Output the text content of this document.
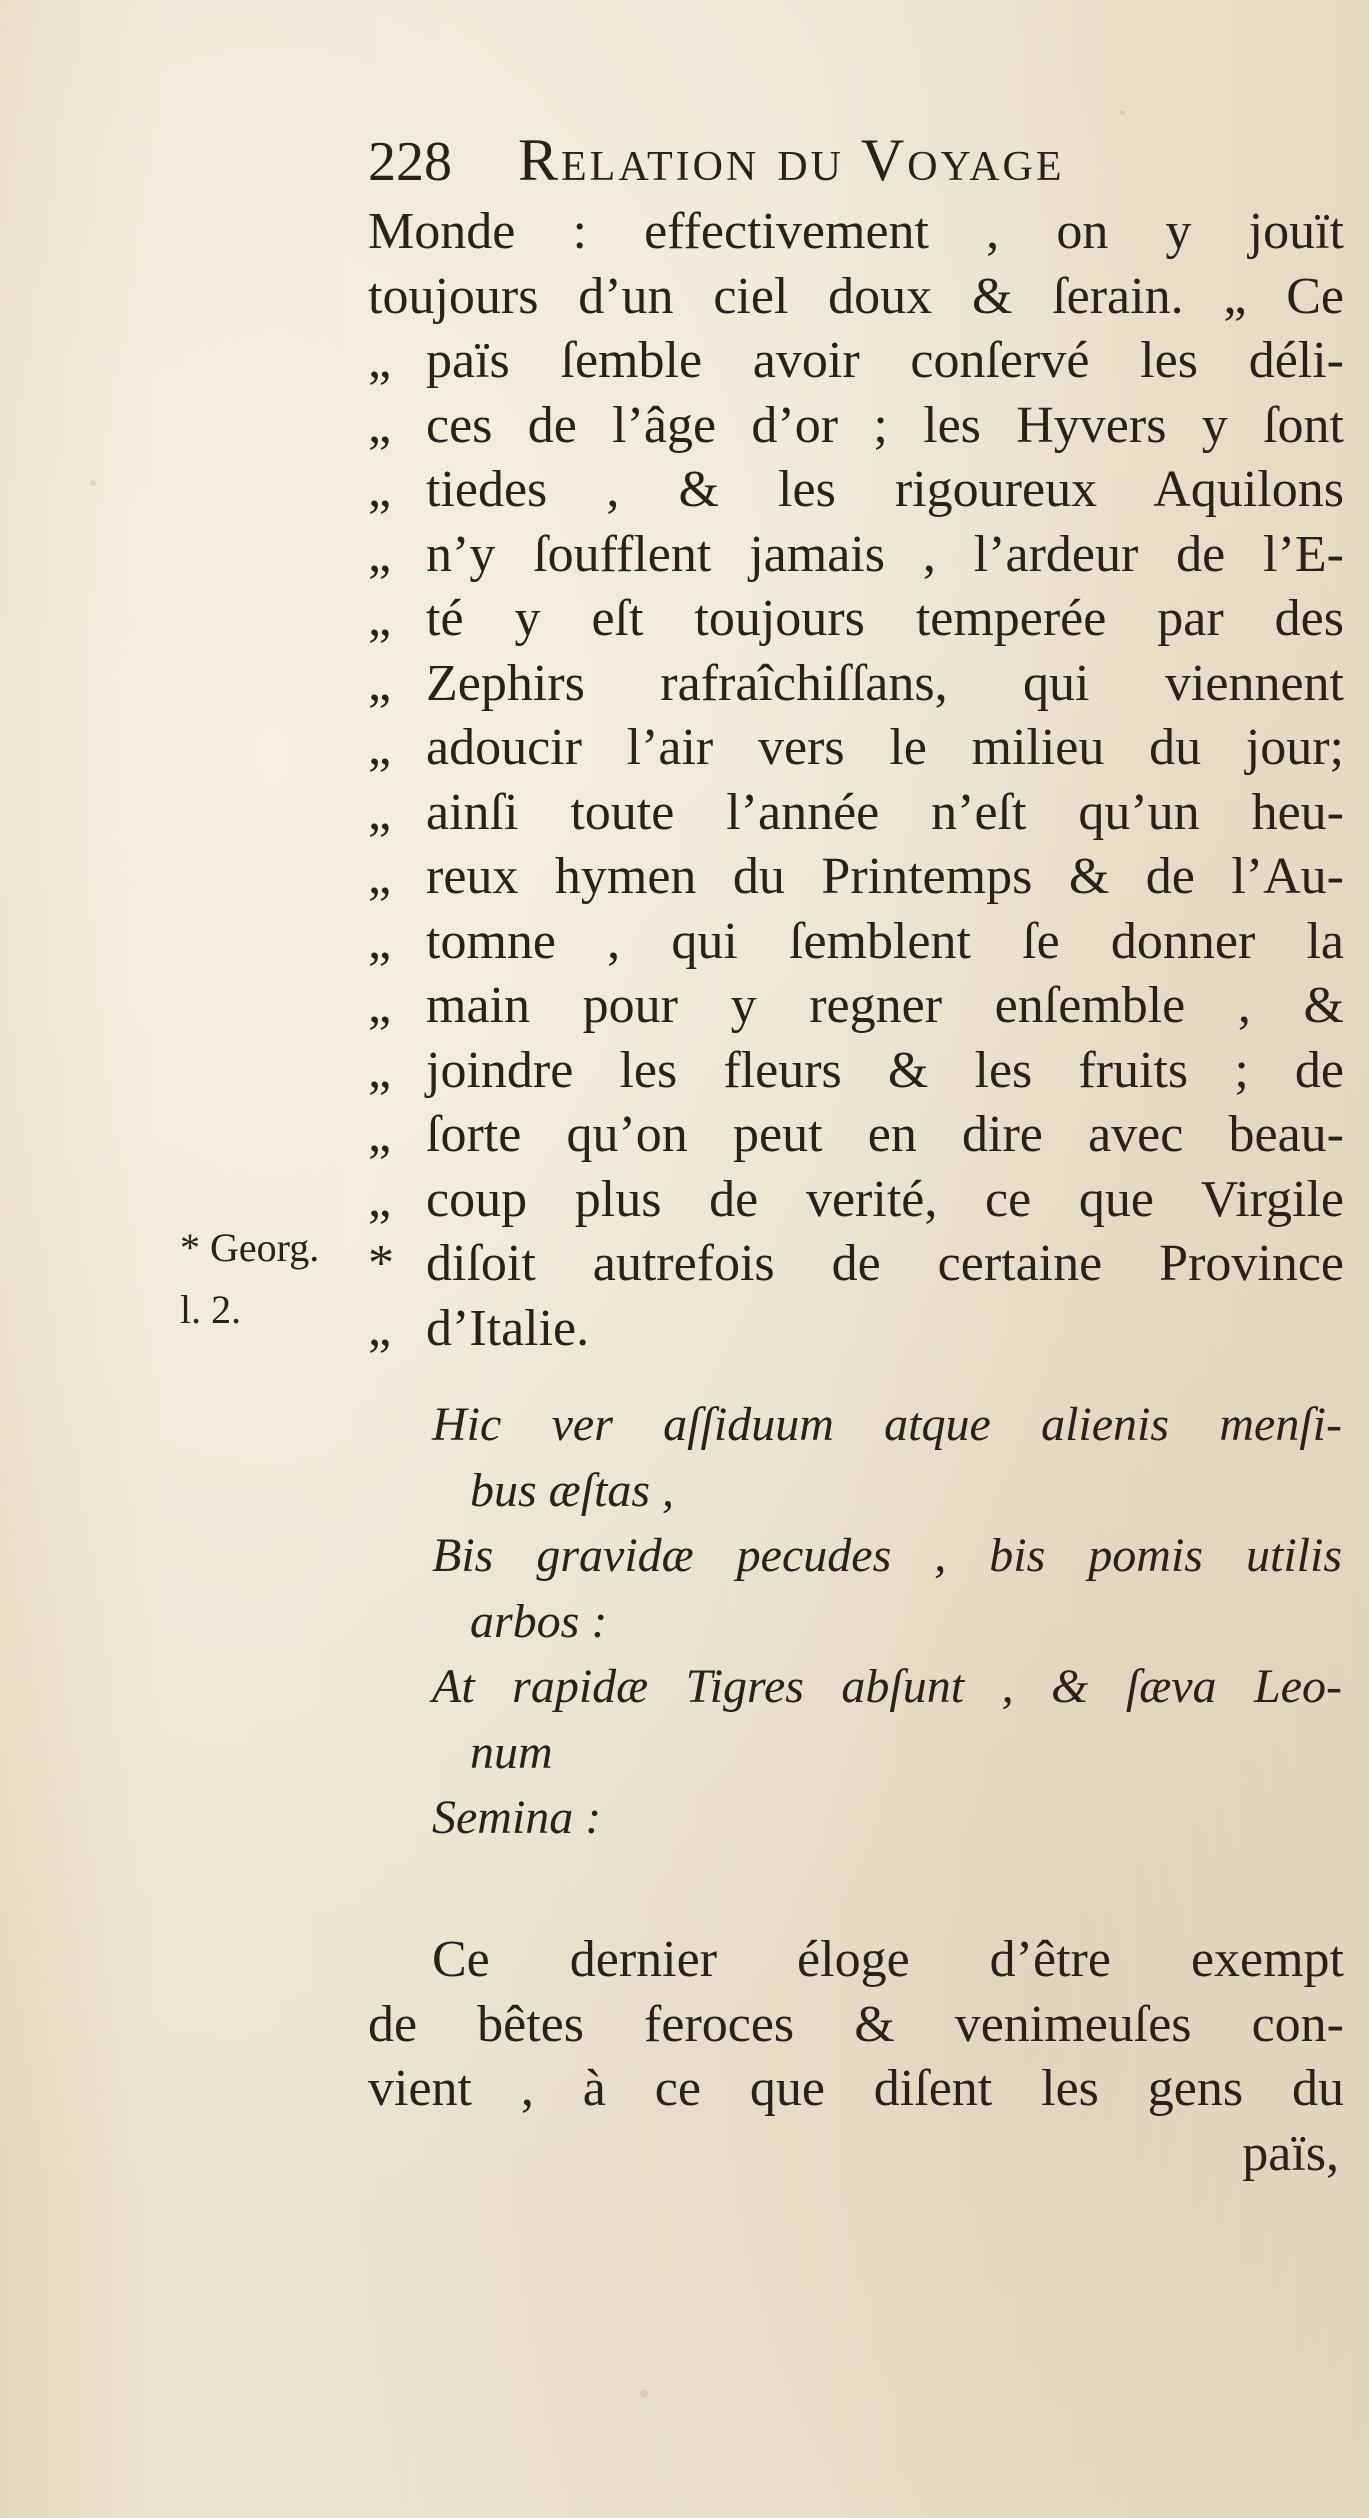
228 Relation du Voyage
Monde : effectivement , on y jouït
toujours d’un ciel doux & ſerain. „ Ce
„ païs ſemble avoir conſervé les déli-
„ ces de l’âge d’or ; les Hyvers y ſont
„ tiedes , & les rigoureux Aquilons
„ n’y ſoufflent jamais , l’ardeur de l’E-
„ té y eſt toujours temperée par des
„ Zephirs rafraîchiſſans, qui viennent
„ adoucir l’air vers le milieu du jour;
„ ainſi toute l’année n’eſt qu’un heu-
„ reux hymen du Printemps & de l’Au-
„ tomne , qui ſemblent ſe donner la
„ main pour y regner enſemble , &
„ joindre les fleurs & les fruits ; de
„ ſorte qu’on peut en dire avec beau-
„ coup plus de verité, ce que Virgile
* diſoit autrefois de certaine Province
„ d’Italie.
* Georg.
l. 2.
Hic ver aſſiduum atque alienis menſi-
bus æſtas ,
Bis gravidæ pecudes , bis pomis utilis
arbos :
At rapidæ Tigres abſunt , & ſæva Leo-
num
Semina :
Ce dernier éloge d’être exempt
de bêtes feroces & venimeuſes con-
vient , à ce que diſent les gens du
païs,
